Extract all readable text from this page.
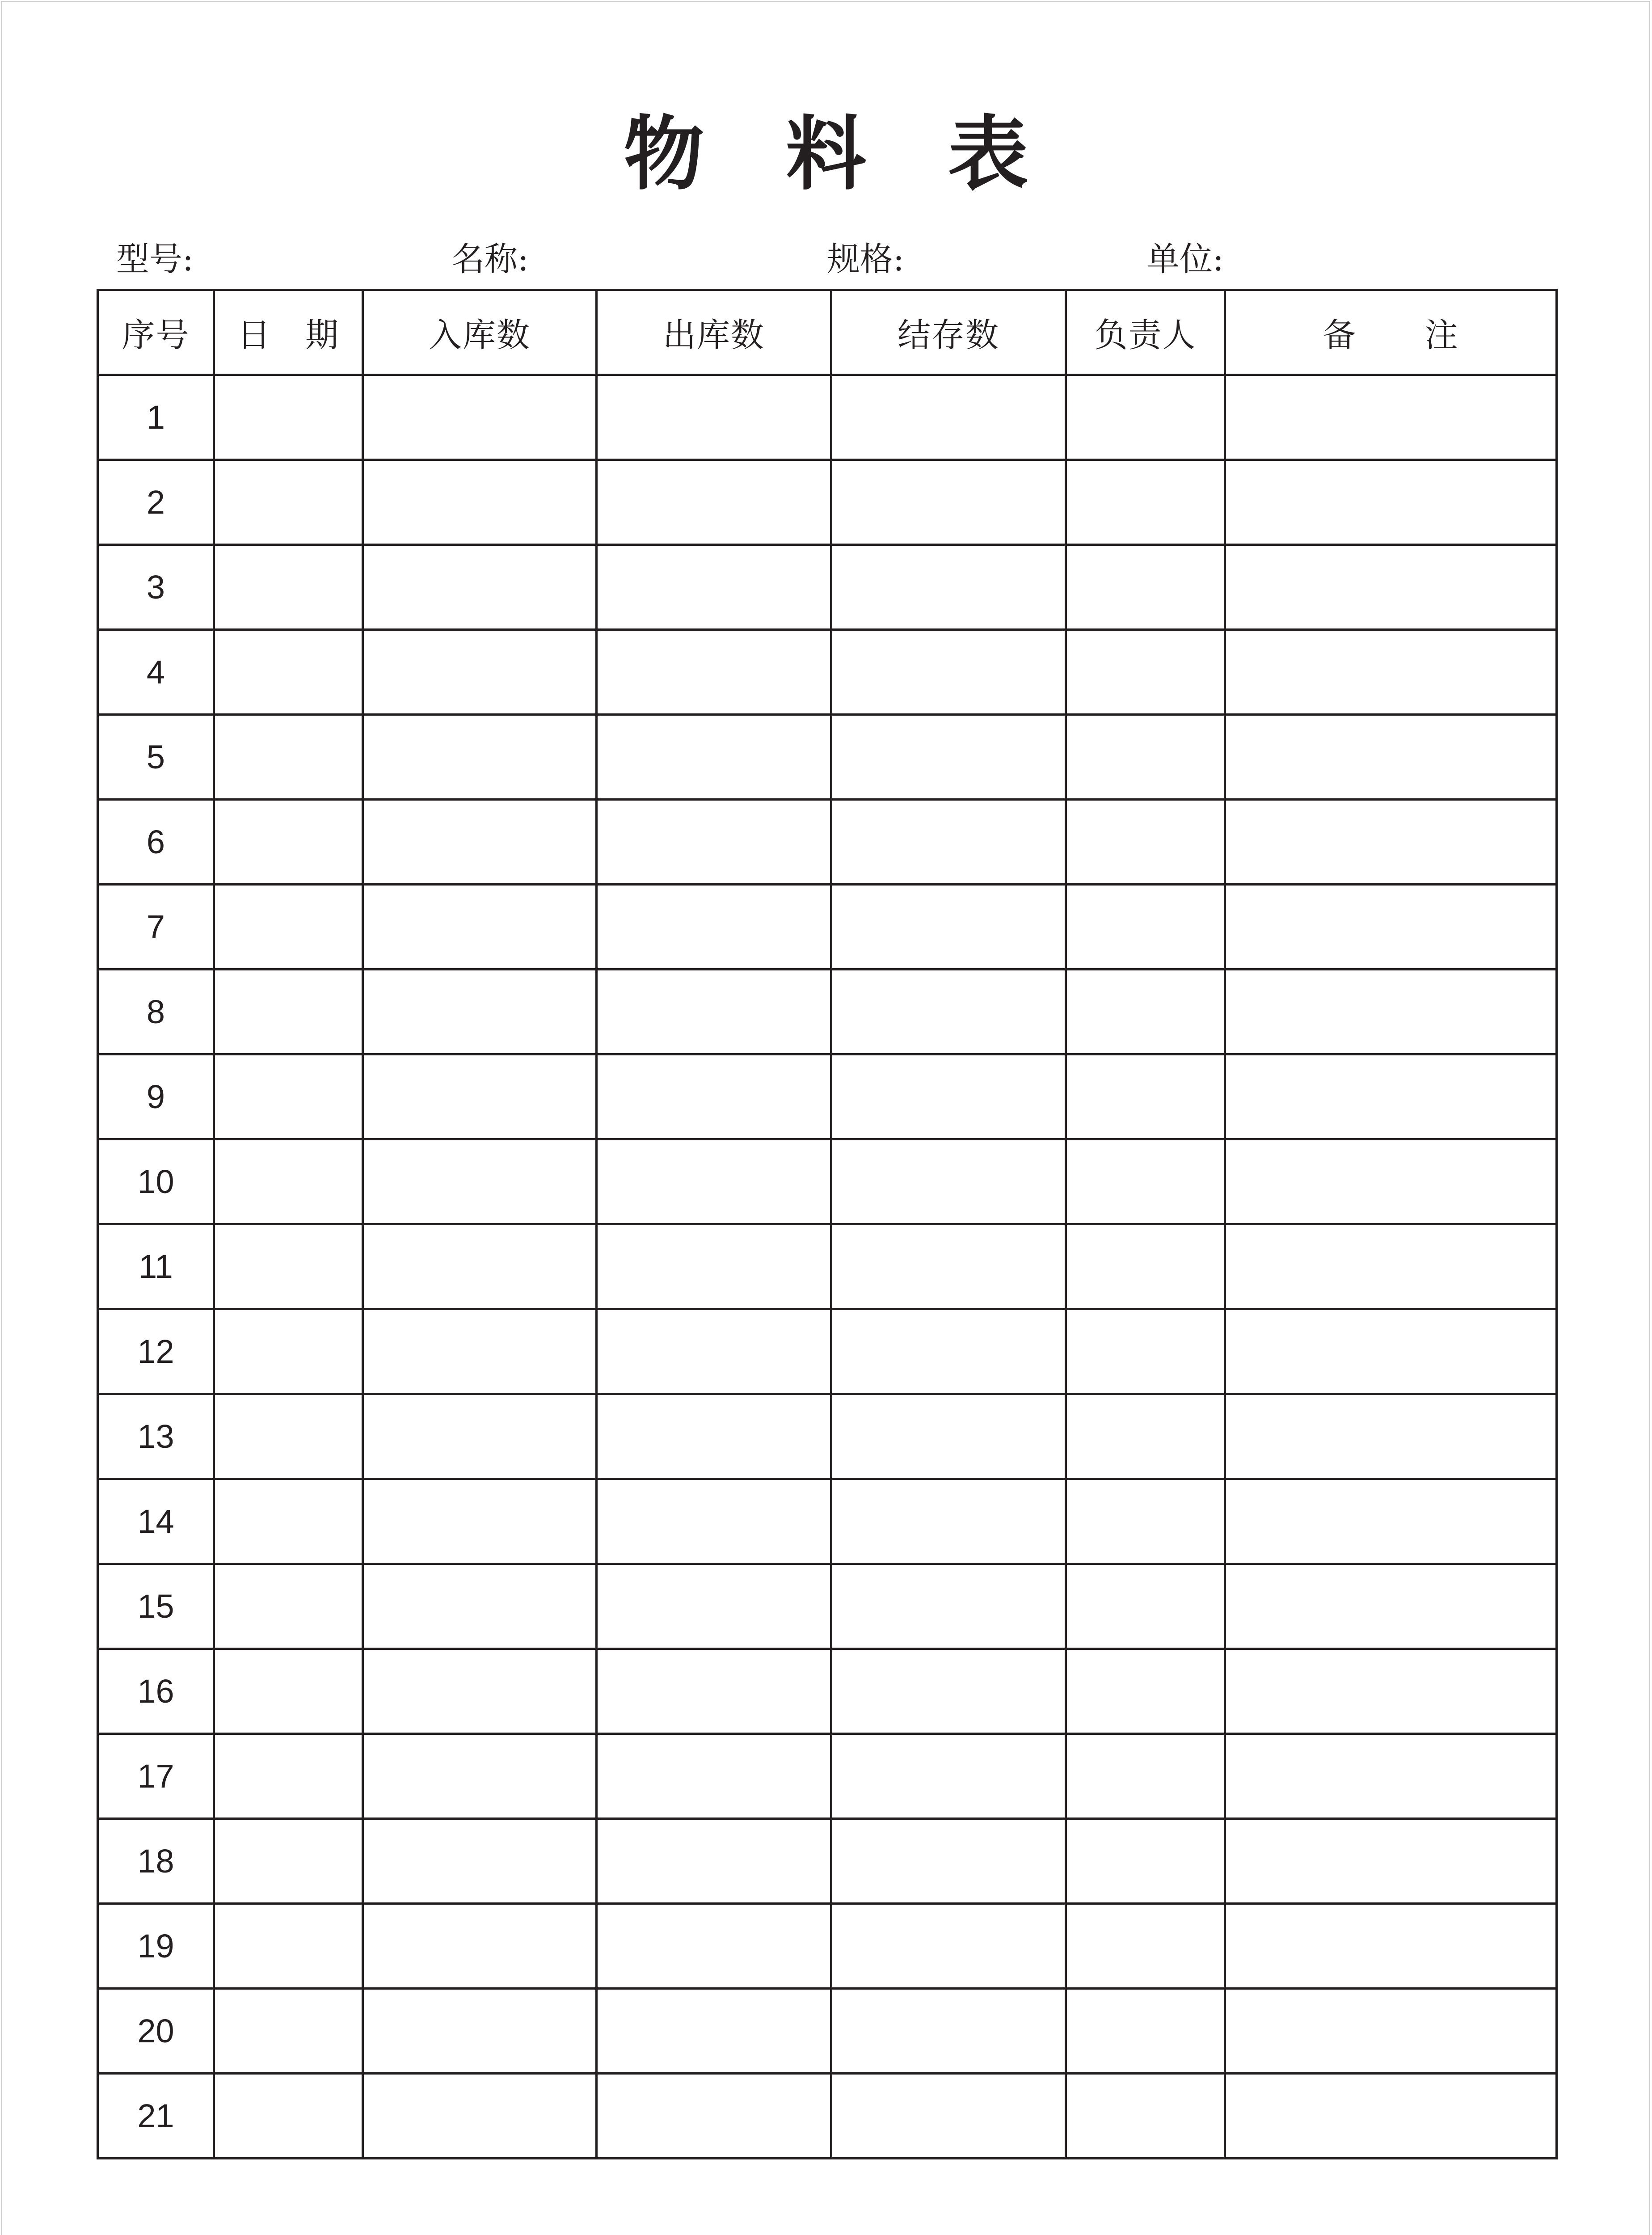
物 料 表
型号:	名称:	规格:	单位:
序号	日　期	入库数	出库数	结存数	负责人	备　　注
1						
2						
3						
4						
5						
6						
7						
8						
9						
10						
11						
12						
13						
14						
15						
16						
17						
18						
19						
20						
21						
